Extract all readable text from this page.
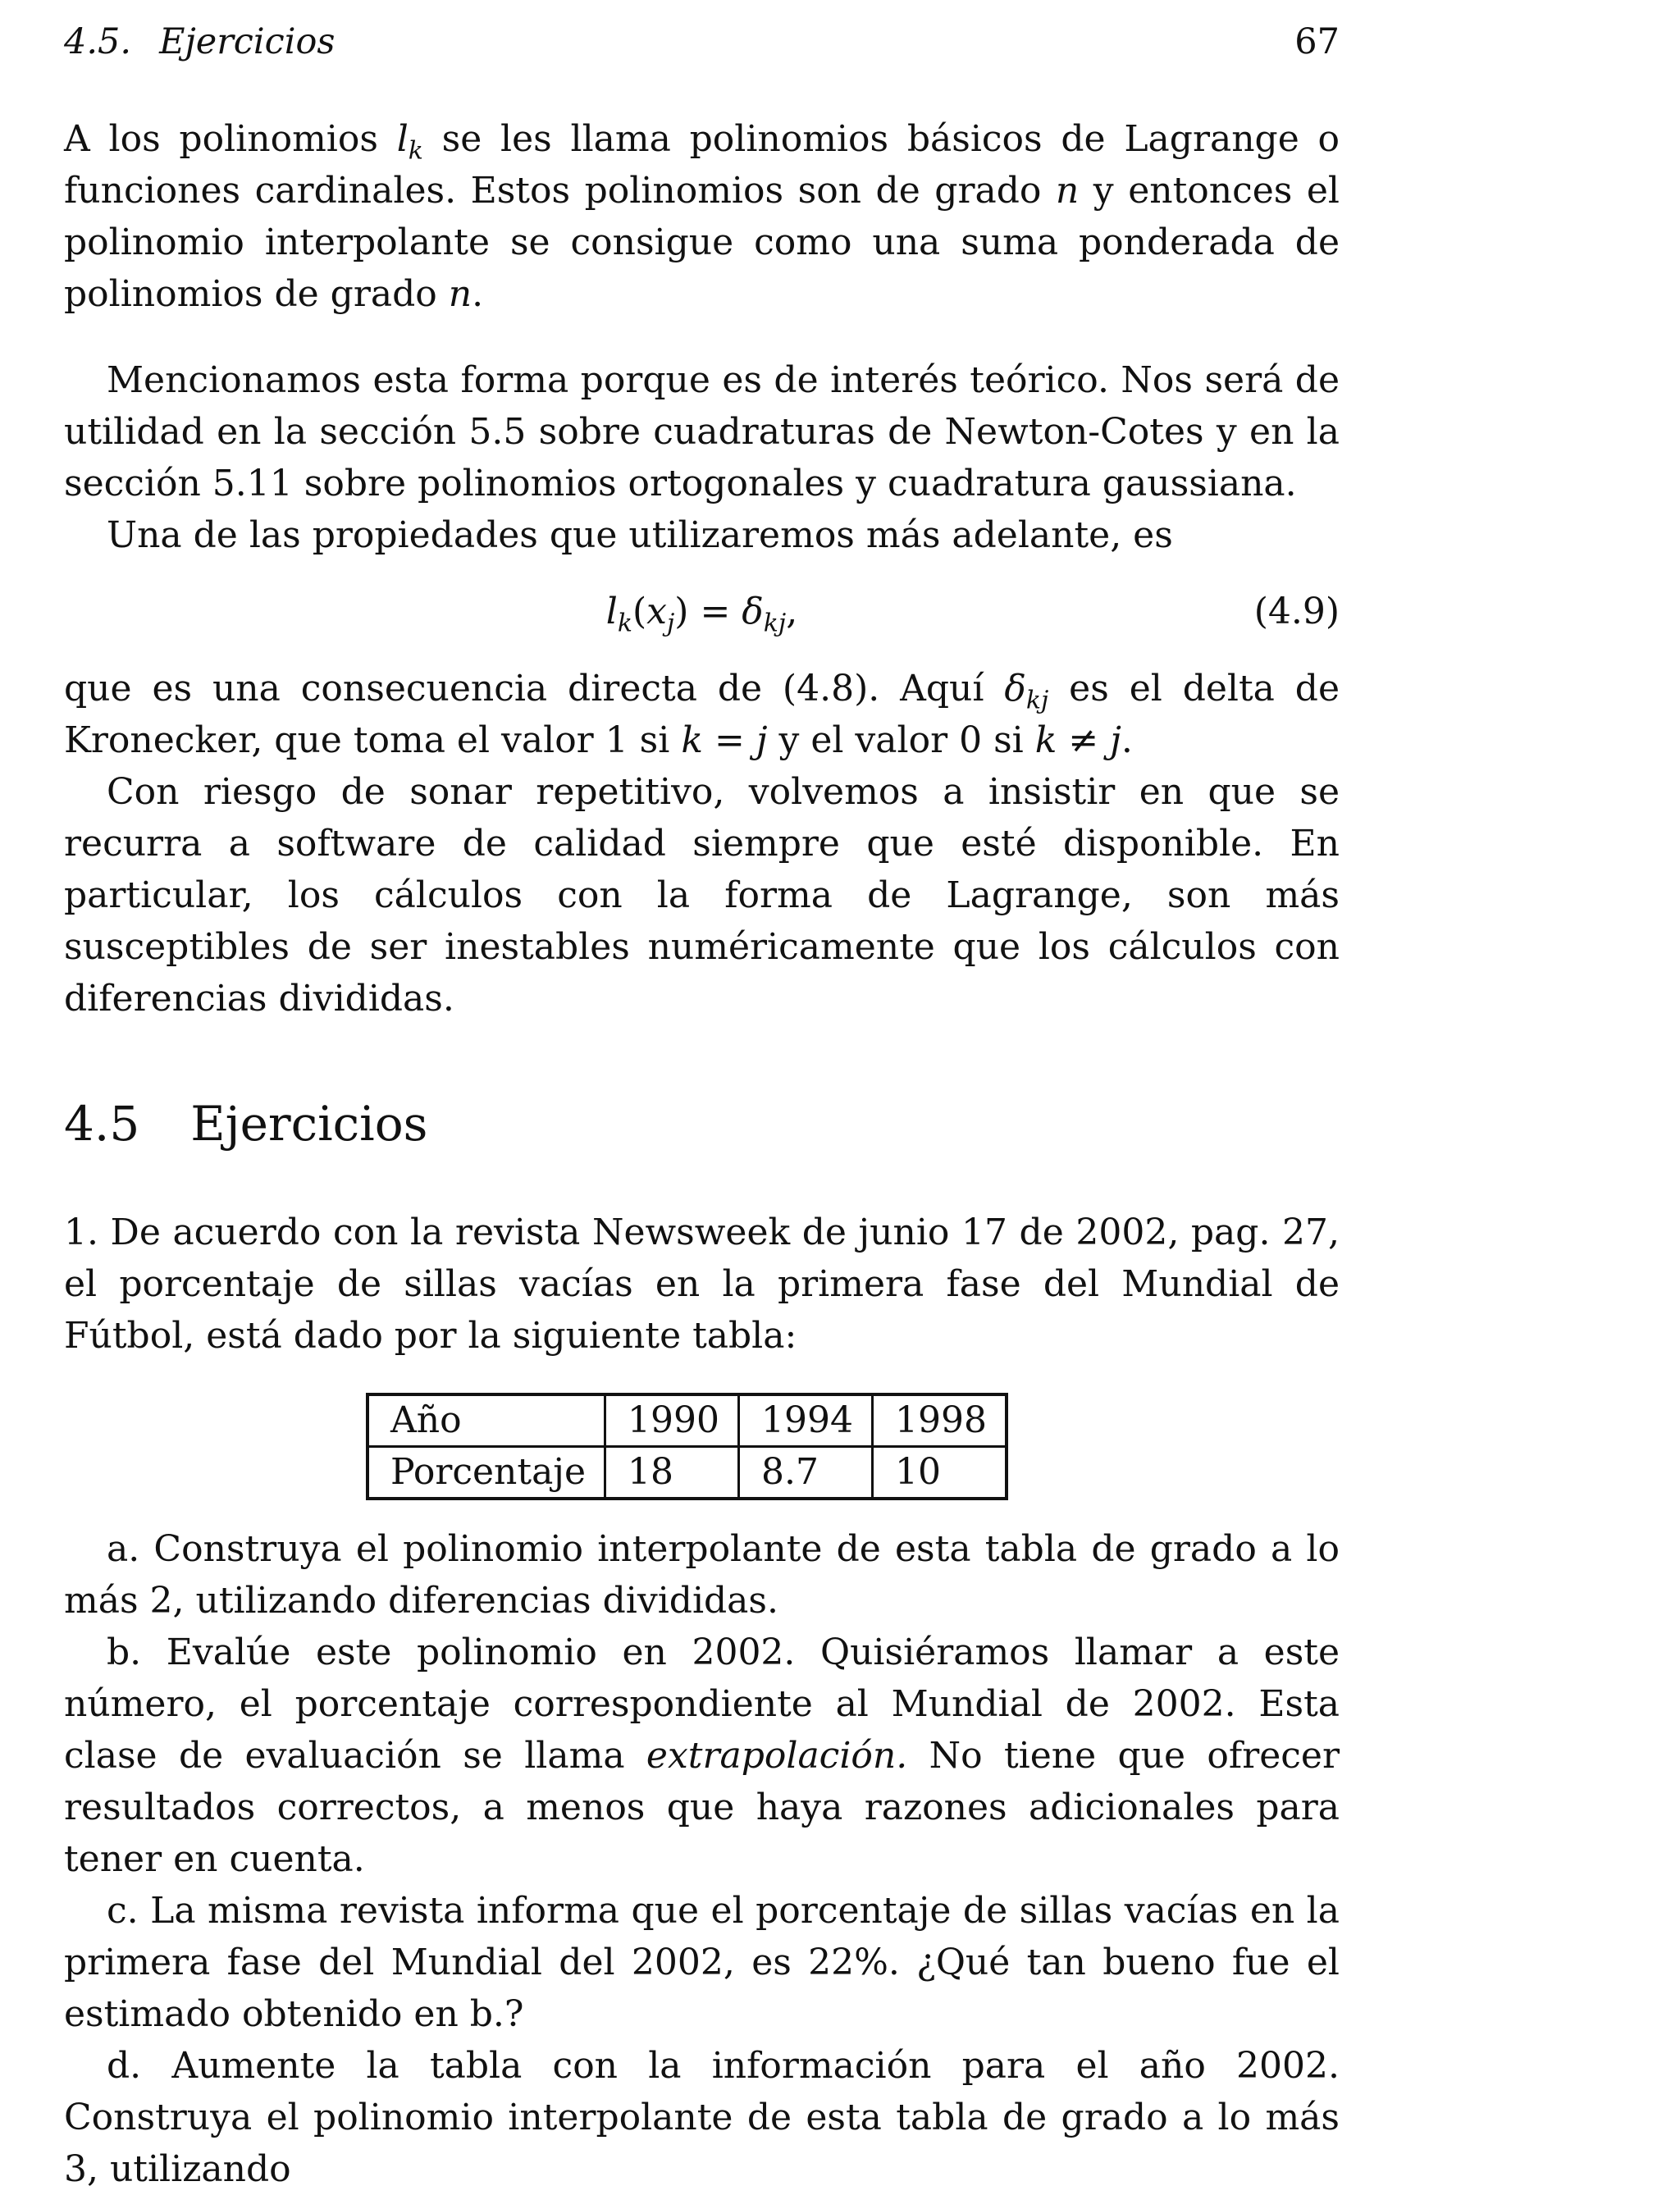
4.5. Ejercicios	67

A los polinomios $l_k$ se les llama polinomios básicos de Lagrange o funciones cardinales. Estos polinomios son de grado n y entonces el polinomio interpolante se consigue como una suma ponderada de polinomios de grado n.

Mencionamos esta forma porque es de interés teórico. Nos será de utilidad en la sección 5.5 sobre cuadraturas de Newton-Cotes y en la sección 5.11 sobre polinomios ortogonales y cuadratura gaussiana.

Una de las propiedades que utilizaremos más adelante, es

$l_k(x_j) = \delta_{kj}$,	(4.9)

que es una consecuencia directa de (4.8). Aquí $\delta_{kj}$ es el delta de Kronecker, que toma el valor 1 si k = j y el valor 0 si k ≠ j.

Con riesgo de sonar repetitivo, volvemos a insistir en que se recurra a software de calidad siempre que esté disponible. En particular, los cálculos con la forma de Lagrange, son más susceptibles de ser inestables numéricamente que los cálculos con diferencias divididas.

4.5 Ejercicios

1. De acuerdo con la revista Newsweek de junio 17 de 2002, pag. 27, el porcentaje de sillas vacías en la primera fase del Mundial de Fútbol, está dado por la siguiente tabla:

Año	1990	1994	1998
Porcentaje	18	8.7	10

a. Construya el polinomio interpolante de esta tabla de grado a lo más 2, utilizando diferencias divididas.

b. Evalúe este polinomio en 2002. Quisiéramos llamar a este número, el porcentaje correspondiente al Mundial de 2002. Esta clase de evaluación se llama extrapolación. No tiene que ofrecer resultados correctos, a menos que haya razones adicionales para tener en cuenta.

c. La misma revista informa que el porcentaje de sillas vacías en la primera fase del Mundial del 2002, es 22%. ¿Qué tan bueno fue el estimado obtenido en b.?

d. Aumente la tabla con la información para el año 2002. Construya el polinomio interpolante de esta tabla de grado a lo más 3, utilizando
